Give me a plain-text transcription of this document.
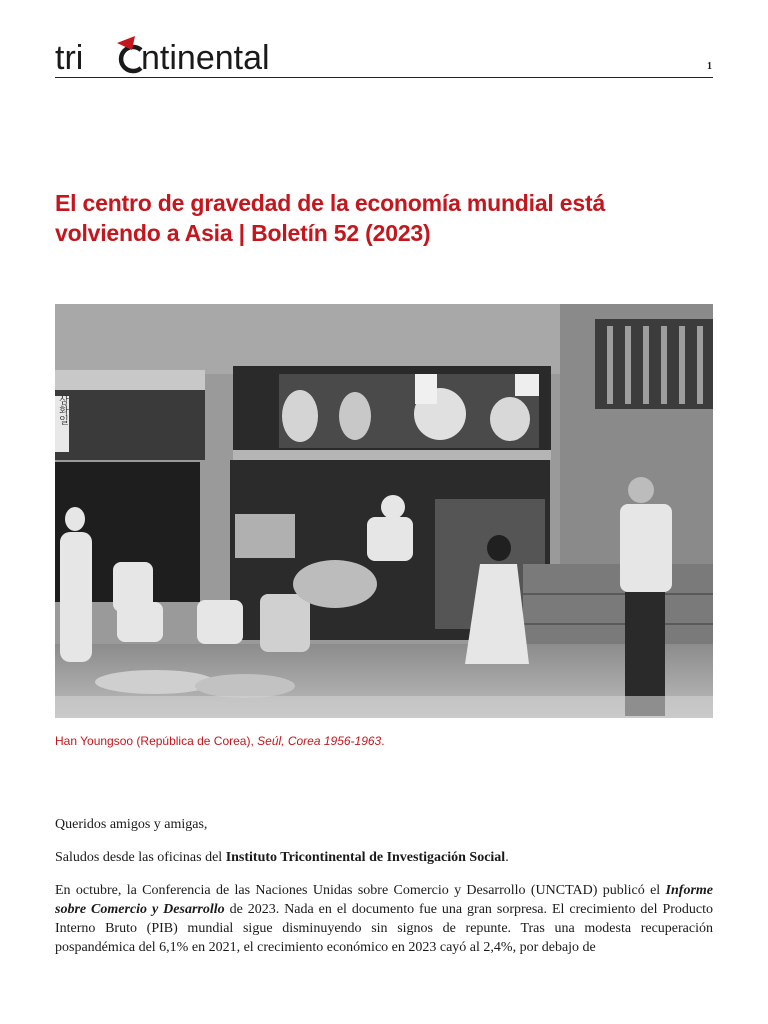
tri ntinental	1
El centro de gravedad de la economía mundial está volviendo a Asia | Boletín 52 (2023)
삼화일
Han Youngsoo (República de Corea), Seúl, Corea 1956-1963.

Queridos amigos y amigas,

Saludos desde las oficinas del Instituto Tricontinental de Investigación Social.

En octubre, la Conferencia de las Naciones Unidas sobre Comercio y Desarrollo (UNCTAD) publicó el Informe sobre Comercio y Desarrollo de 2023. Nada en el documento fue una gran sorpresa. El crecimiento del Producto Interno Bruto (PIB) mundial sigue disminuyendo sin signos de repunte. Tras una modesta recuperación pospandémica del 6,1% en 2021, el crecimiento económico en 2023 cayó al 2,4%, por debajo de
